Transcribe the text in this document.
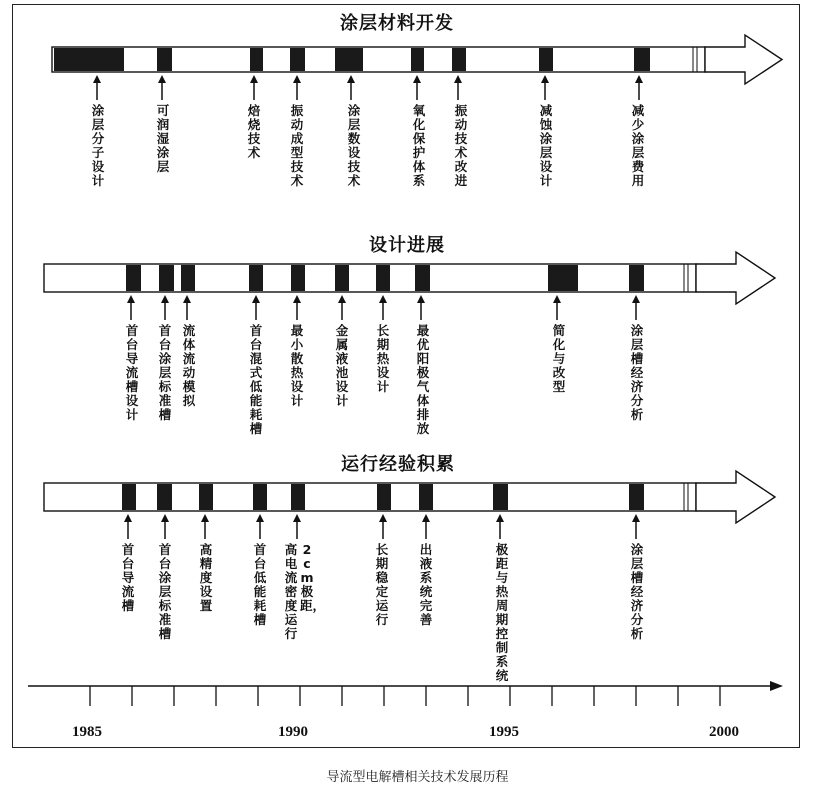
涂层材料开发
设计进展
运行经验积累
涂层分子设计
可润湿涂层
焙烧技术
振动成型技术
涂层数设技术
氧化保护体系
振动技术改进
减蚀涂层设计
减少涂层费用
首台导流槽设计
首台涂层标准槽
流体流动模拟
首台混式低能耗槽
最小散热设计
金属液池设计
长期热设计
最优阳极气体排放
简化与改型
涂层槽经济分析
首台导流槽
首台涂层标准槽
高精度设置
首台低能耗槽
2cm 极距，
高电流密度运行
长期稳定运行
出液系统完善
极距与热周期控制系统
涂层槽经济分析
1985	1990	1995	2000
导流型电解槽相关技术发展历程
